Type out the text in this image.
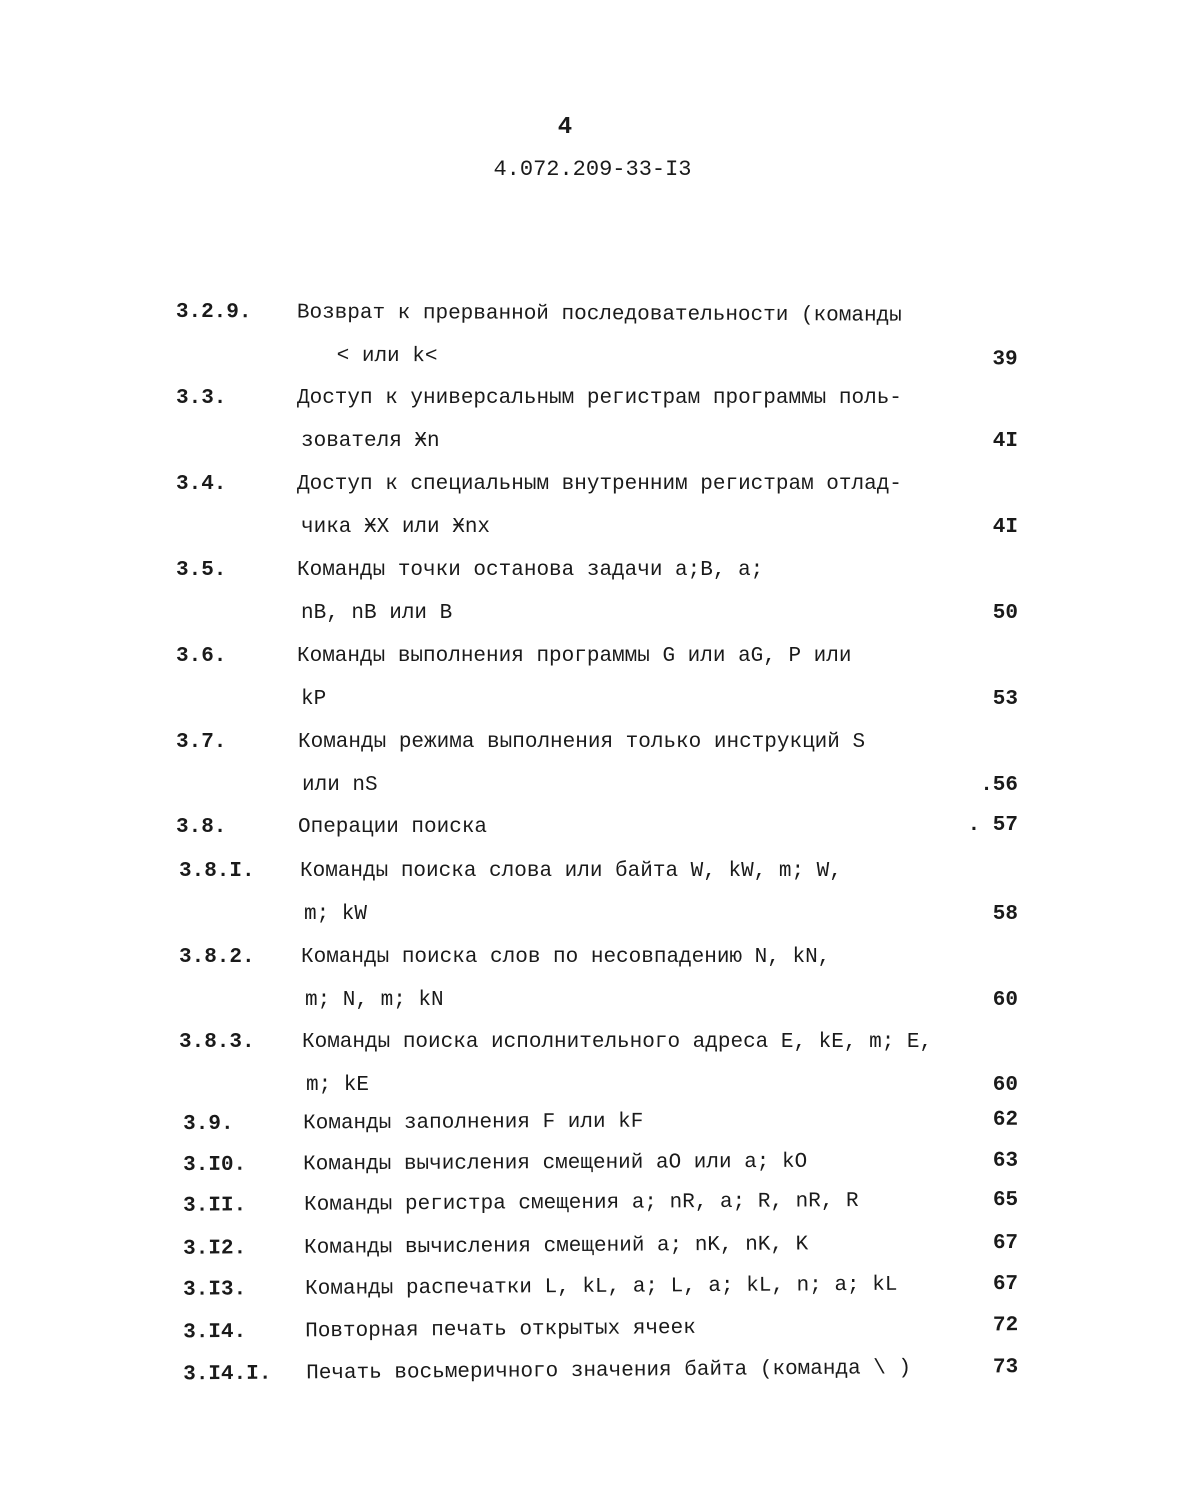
4
4.072.209-33-I3
3.2.9. Возврат к прерванной последовательности (команды
< или k<	39
3.3.	Доступ к универсальным регистрам программы поль-
зователя Ӿn	4I
3.4.	Доступ к специальным внутренним регистрам отлад-
чика ӾX или Ӿnx	4I
3.5.	Команды точки останова задачи a;B, a;
nB, nB или B	50
3.6.	Команды выполнения программы G или aG, P или
kP	53
3.7.	Команды режима выполнения только инструкций S
или nS	.56
3.8.	Операции поиска	. 57
3.8.I. Команды поиска слова или байта W, kW, m; W,
m; kW	58
3.8.2. Команды поиска слов по несовпадению N, kN,
m; N, m; kN	60
3.8.3. Команды поиска исполнительного адреса E, kE, m; E,
m; kE	60
3.9.	Команды заполнения F или kF	62
3.I0.	Команды вычисления смещений aO или a; kO	63
3.II.	Команды регистра смещения a; nR, a; R, nR, R	65
3.I2.	Команды вычисления смещений a; nK, nK, K	67
3.I3.	Команды распечатки L, kL, a; L, a; kL, n; a; kL	67
3.I4.	Повторная печать открытых ячеек	72
3.I4.I. Печать восьмеричного значения байта (команда \ )	73
